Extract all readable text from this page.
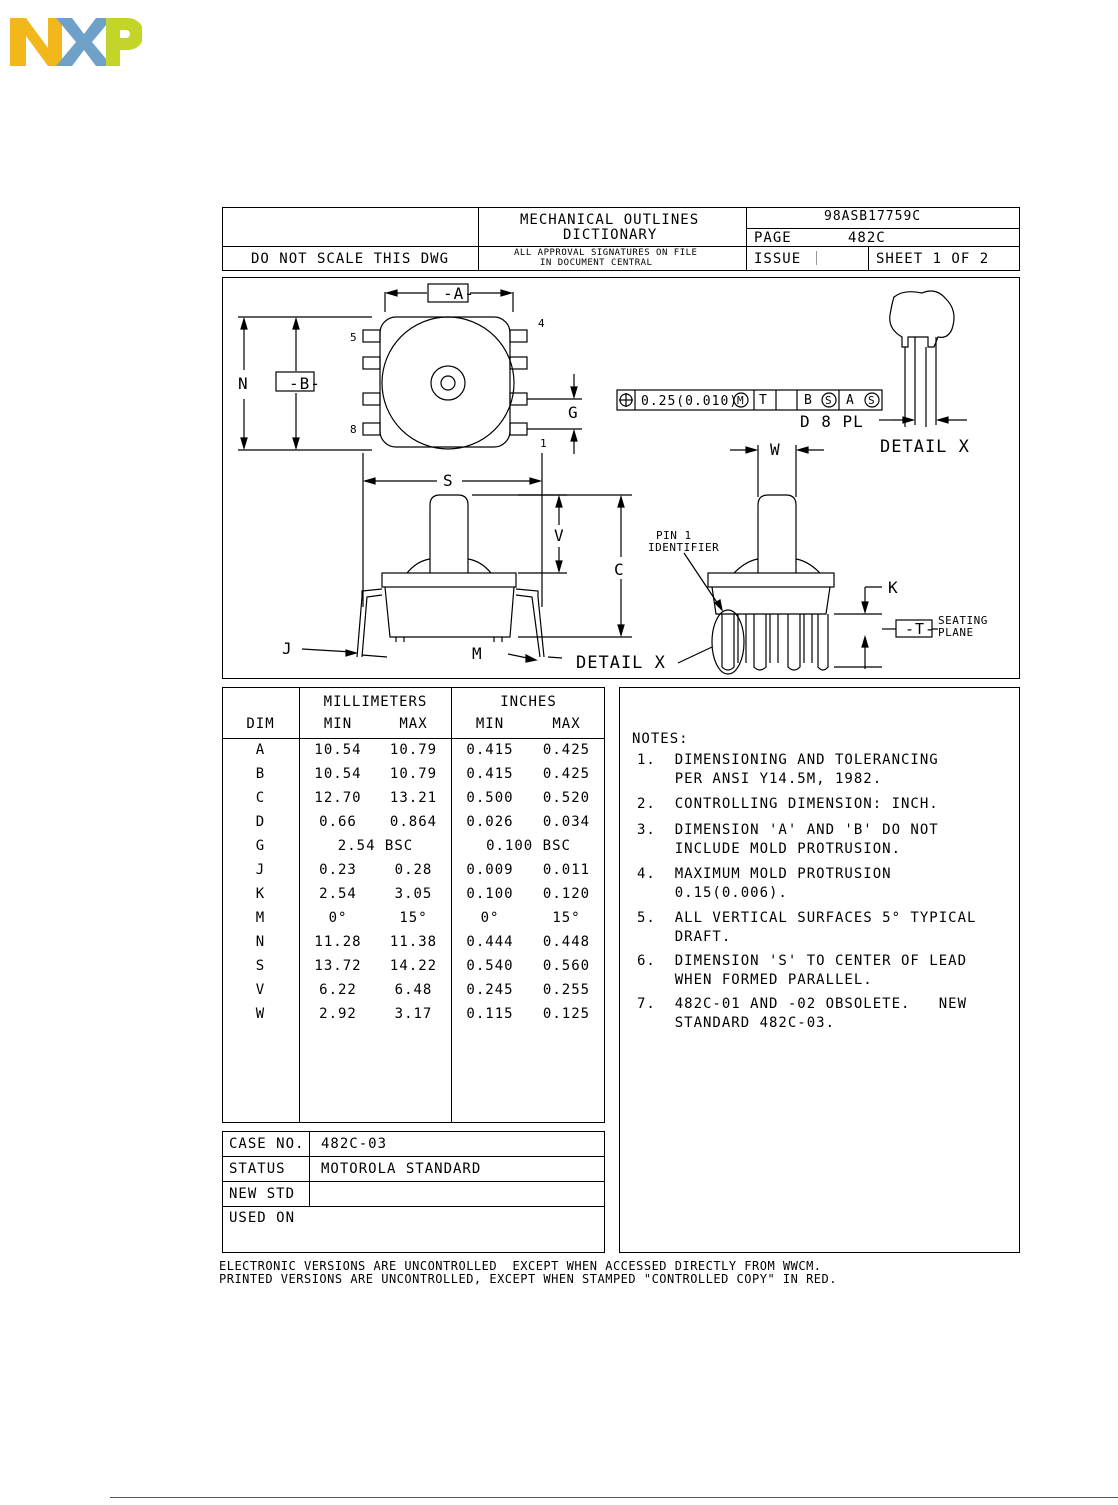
MECHANICAL OUTLINES
DICTIONARY
98ASB17759C
PAGE	482C
DO NOT SCALE THIS DWG	ALL APPROVAL SIGNATURES ON FILE
IN DOCUMENT CENTRAL	ISSUE	SHEET 1 OF 2
-A-
N	-B-
5
4
8
1
G
0.25(0.010)
M T	B S A S
D 8 PL
DETAIL X
W
S
V
C
PIN 1
IDENTIFIER
K
-T- SEATING
PLANE
J	M	DETAIL X
MILLIMETERS	INCHES
DIM	MIN	MAX	MIN	MAX
A	10.54	10.79	0.415	0.425
B	10.54	10.79	0.415	0.425
C	12.70	13.21	0.500	0.520
D	0.66	0.864	0.026	0.034
G	2.54 BSC	0.100 BSC
J	0.23	0.28	0.009	0.011
K	2.54	3.05	0.100	0.120
M	0°	15°	0°	15°
N	11.28	11.38	0.444	0.448
S	13.72	14.22	0.540	0.560
V	6.22	6.48	0.245	0.255
W	2.92	3.17	0.115	0.125
CASE NO. 482C-03
STATUS	MOTOROLA STANDARD
NEW STD
USED ON
NOTES:
1.  DIMENSIONING AND TOLERANCING
PER ANSI Y14.5M, 1982.
2.  CONTROLLING DIMENSION: INCH.
3.  DIMENSION 'A' AND 'B' DO NOT
INCLUDE MOLD PROTRUSION.
4.  MAXIMUM MOLD PROTRUSION
0.15(0.006).
5.  ALL VERTICAL SURFACES 5° TYPICAL
DRAFT.
6.  DIMENSION 'S' TO CENTER OF LEAD
WHEN FORMED PARALLEL.
7.  482C-01 AND -02 OBSOLETE.   NEW
STANDARD 482C-03.
ELECTRONIC VERSIONS ARE UNCONTROLLED  EXCEPT WHEN ACCESSED DIRECTLY FROM WWCM.
PRINTED VERSIONS ARE UNCONTROLLED, EXCEPT WHEN STAMPED "CONTROLLED COPY" IN RED.
